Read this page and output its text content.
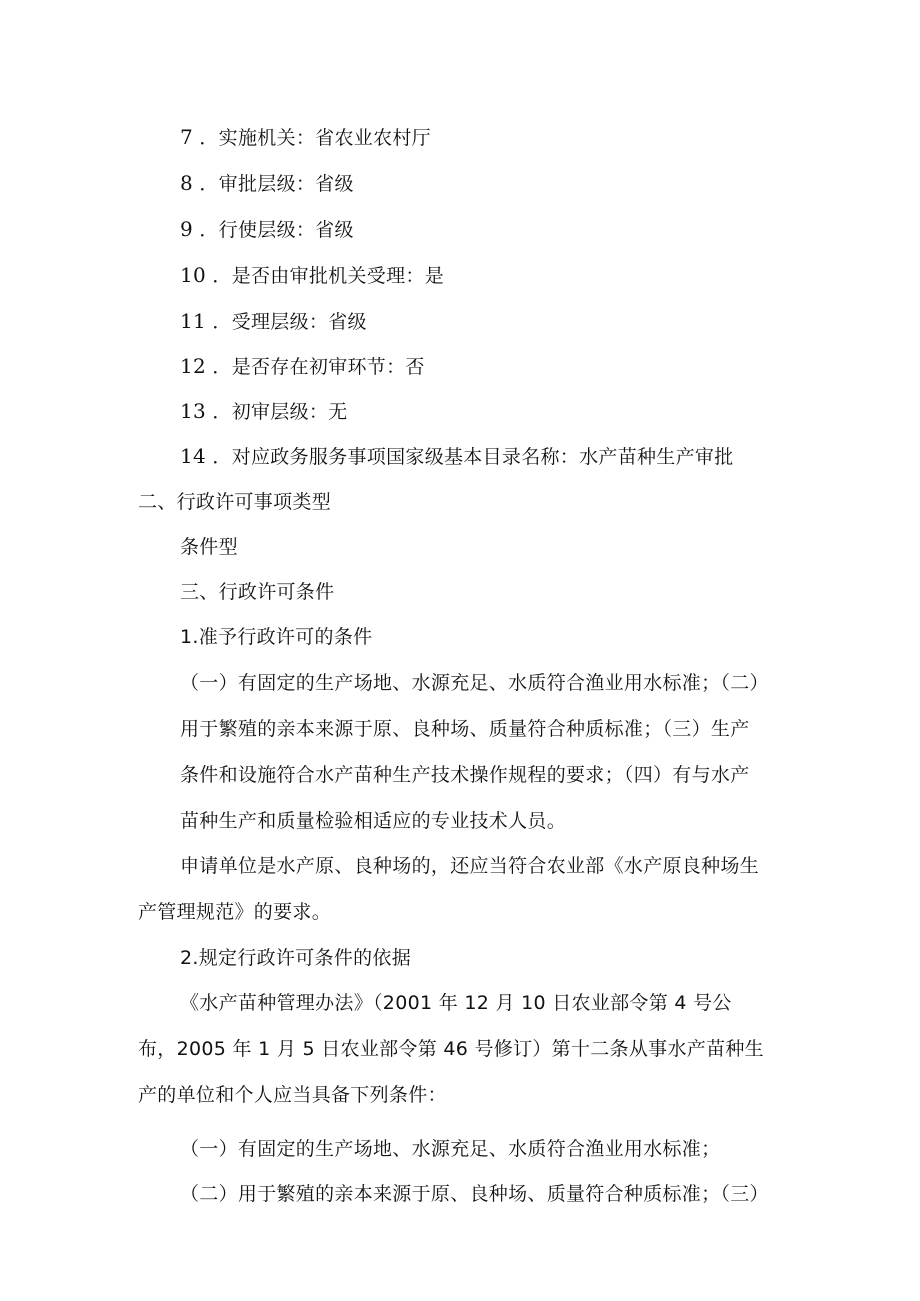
7 ．实施机关：省农业农村厅
8 ．审批层级：省级
9 ．行使层级：省级
10 ．是否由审批机关受理：是
11 ．受理层级：省级
12 ．是否存在初审环节：否
13 ．初审层级：无
14 ．对应政务服务事项国家级基本目录名称：水产苗种生产审批
二、行政许可事项类型
条件型
三、行政许可条件
1.准予行政许可的条件
（一）有固定的生产场地、水源充足、水质符合渔业用水标准；（二）
用于繁殖的亲本来源于原、良种场、质量符合种质标准；（三）生产
条件和设施符合水产苗种生产技术操作规程的要求；（四）有与水产
苗种生产和质量检验相适应的专业技术人员。
申请单位是水产原、良种场的，还应当符合农业部《水产原良种场生
产管理规范》的要求。
2.规定行政许可条件的依据
《水产苗种管理办法》（2001 年 12 月 10 日农业部令第 4 号公
布，2005 年 1 月 5 日农业部令第 46 号修订）第十二条从事水产苗种生
产的单位和个人应当具备下列条件：
（一）有固定的生产场地、水源充足、水质符合渔业用水标准；
（二）用于繁殖的亲本来源于原、良种场、质量符合种质标准；（三）
